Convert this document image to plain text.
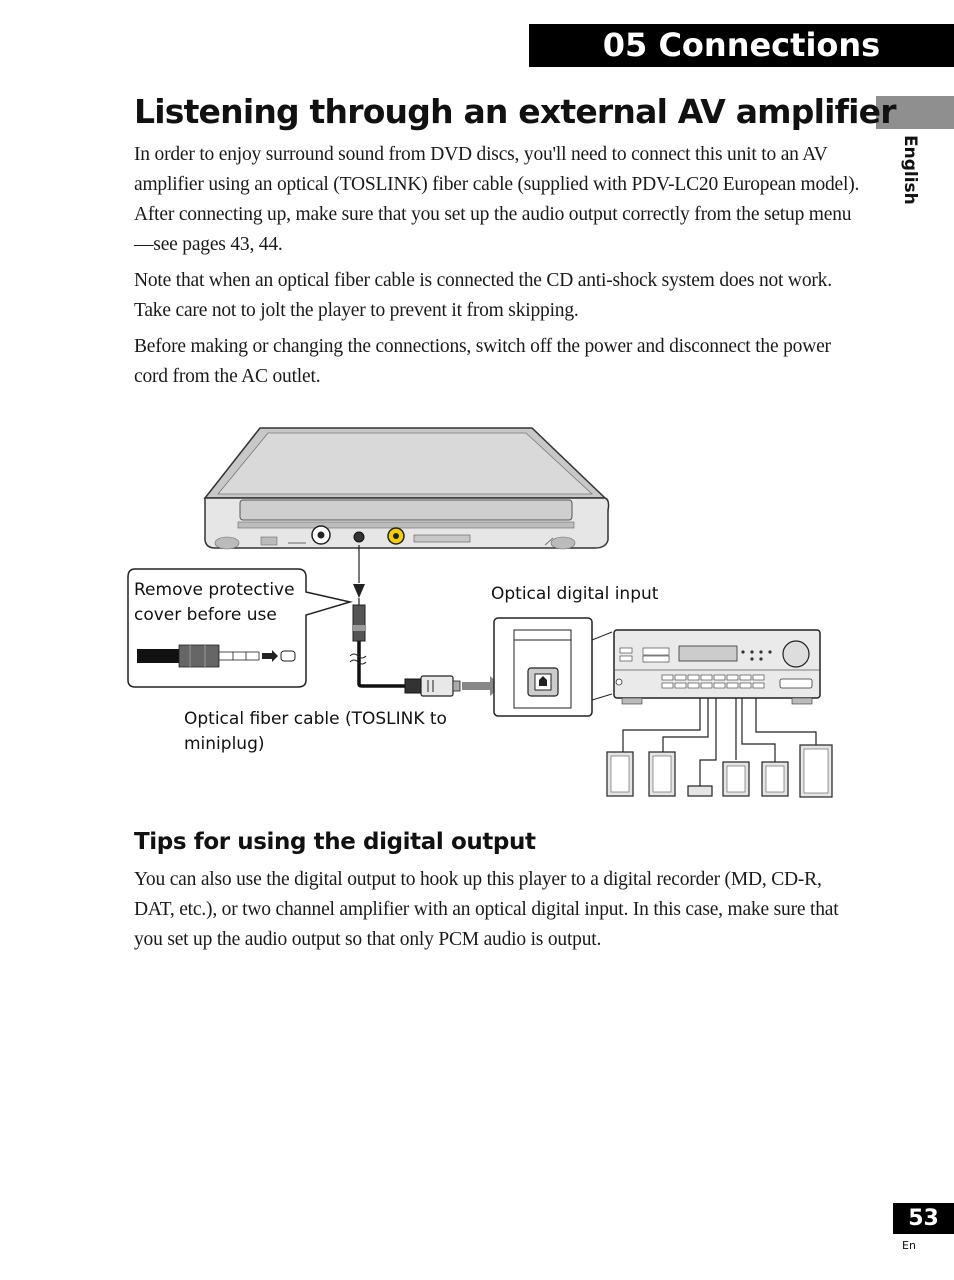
05 Connections
English
Listening through an external AV amplifier

In order to enjoy surround sound from DVD discs, you'll need to connect this unit to an AV amplifier using an optical (TOSLINK) fiber cable (supplied with PDV-LC20 European model). After connecting up, make sure that you set up the audio output correctly from the setup menu—see pages 43, 44.

Note that when an optical fiber cable is connected the CD anti-shock system does not work. Take care not to jolt the player to prevent it from skipping.

Before making or changing the connections, switch off the power and disconnect the power cord from the AC outlet.

Remove protective cover before use
Optical digital input
Optical fiber cable (TOSLINK to miniplug)
Tips for using the digital output

You can also use the digital output to hook up this player to a digital recorder (MD, CD-R, DAT, etc.), or two channel amplifier with an optical digital input. In this case, make sure that you set up the audio output so that only PCM audio is output.

53
En
